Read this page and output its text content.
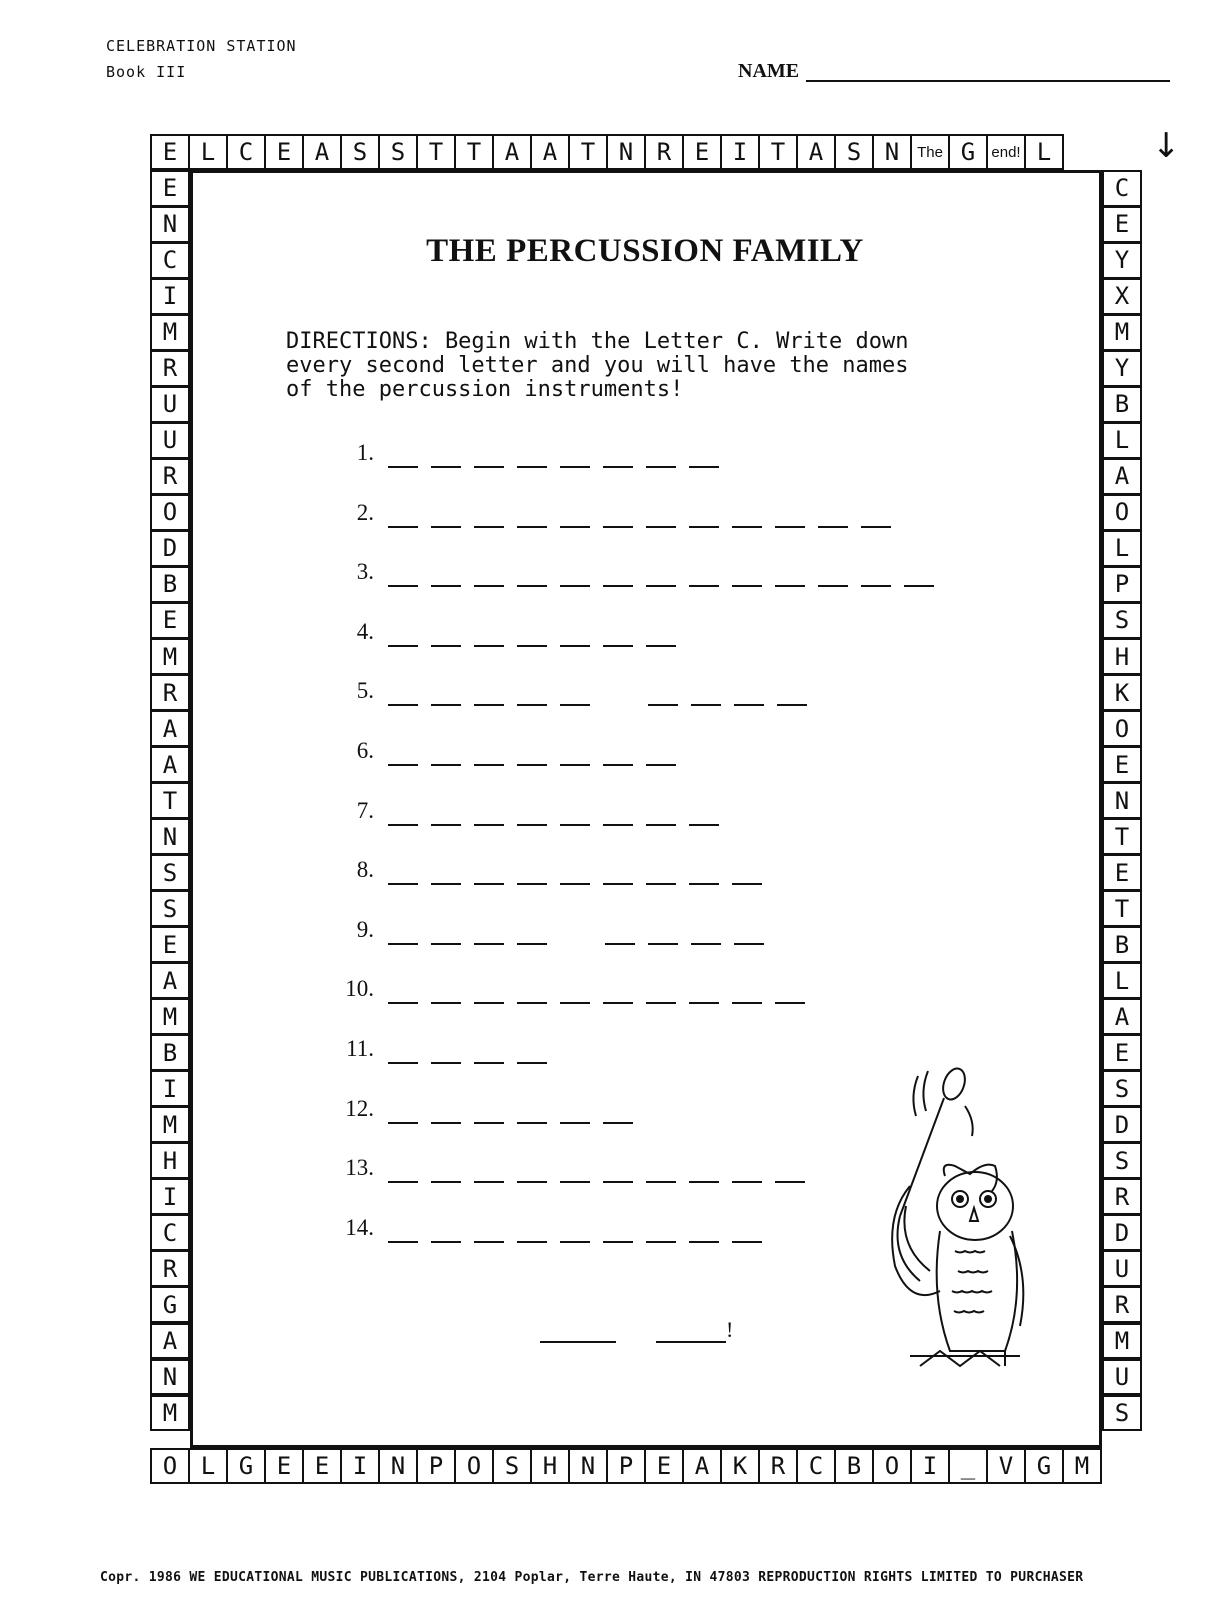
CELEBRATION STATION
Book III	NAME
E L C E A S S T T A A T N R E I T A S N	The G	end! L
E
N
C
I
M
R
U
U
R
O
D
B
E
M
R
A
A
T
N
S
S
E
A
M
B
I
M
H
I
C
R
G
A
N
M
C
E
Y
X
M
Y
B
L
A
O
L
P
S
H
K
O
E
N
T
E
T
B
L
A
E
S
D
S
R
D
U
R
M
U
S
O L G E E I N P O S H N P E A K R C B O I _ V G M
↓
THE PERCUSSION FAMILY
DIRECTIONS: Begin with the Letter C. Write down
every second letter and you will have the names
of the percussion instruments!
1.
2.
3.
4.
5.
6.
7.
8.
9.
10.
11.
12.
13.
14.
!
Copr. 1986 WE EDUCATIONAL MUSIC PUBLICATIONS, 2104 Poplar, Terre Haute, IN 47803 REPRODUCTION RIGHTS LIMITED TO PURCHASER
